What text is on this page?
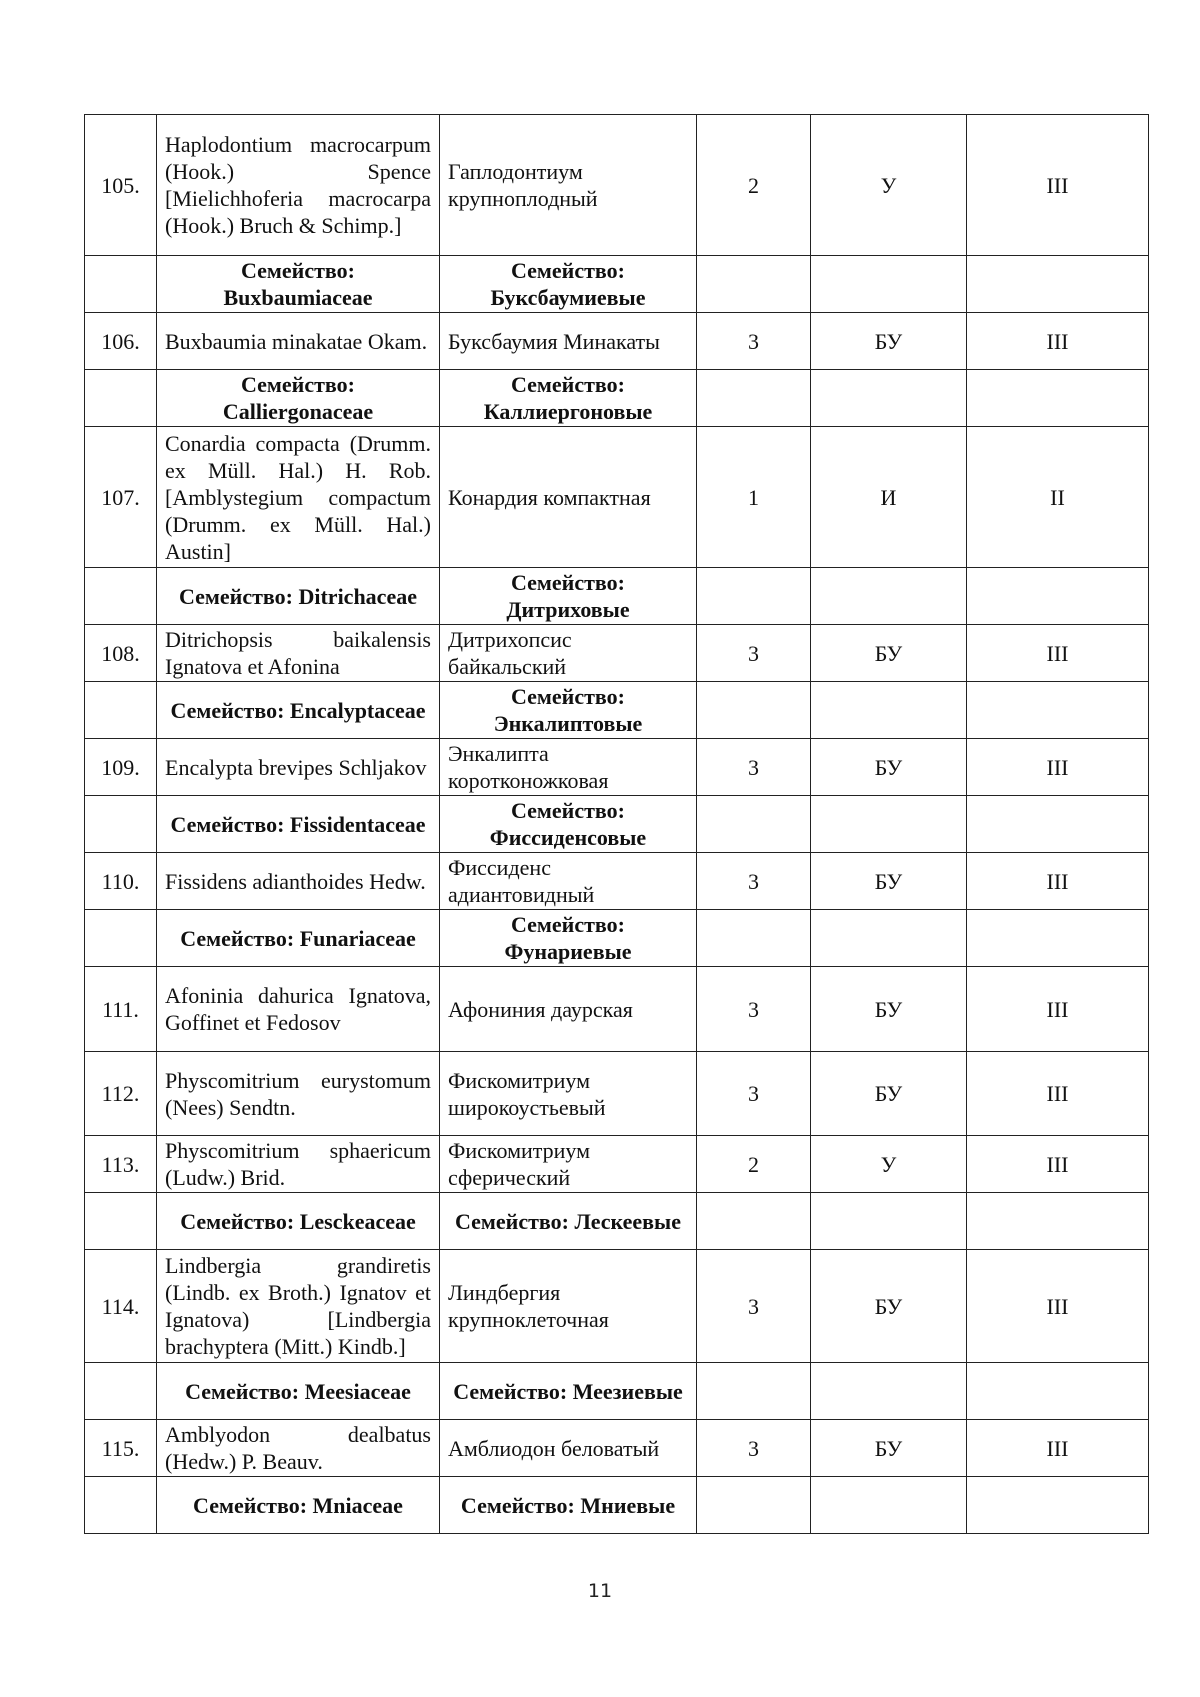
105.	Haplodontium macrocarpum (Hook.) Spence [Mielichhoferia macrocarpa (Hook.) Bruch & Schimp.]	Гаплодонтиум крупноплодный	2	У	III
	Семейство: Buxbaumiaceae	Семейство: Буксбаумиевые			
106.	Buxbaumia minakatae Okam.	Буксбаумия Минакаты	3	БУ	III
	Семейство: Calliergonaceae	Семейство: Каллиергоновые			
107.	Conardia compacta (Drumm. ex Müll. Hal.) H. Rob. [Amblystegium compactum (Drumm. ex Müll. Hal.) Austin]	Конардия компактная	1	И	II
	Семейство: Ditrichaceae	Семейство: Дитриховые			
108.	Ditrichopsis baikalensis Ignatova et Afonina	Дитрихопсис байкальский	3	БУ	III
	Семейство: Encalyptaceae	Семейство: Энкалиптовые			
109.	Encalypta brevipes Schljakov	Энкалипта коротконожковая	3	БУ	III
	Семейство: Fissidentaceae	Семейство: Фиссиденсовые			
110.	Fissidens adianthoides Hedw.	Фиссиденс адиантовидный	3	БУ	III
	Семейство: Funariaceae	Семейство: Фунариевые			
111.	Afoninia dahurica Ignatova, Goffinet et Fedosov	Афониния даурская	3	БУ	III
112.	Physcomitrium eurystomum (Nees) Sendtn.	Фискомитриум широкоустьевый	3	БУ	III
113.	Physcomitrium sphaericum (Ludw.) Brid.	Фискомитриум сферический	2	У	III
	Семейство: Lesckeaceae	Семейство: Лескеевые			
114.	Lindbergia grandiretis (Lindb. ex Broth.) Ignatov et Ignatova) [Lindbergia brachyptera (Mitt.) Kindb.]	Линдбергия крупноклеточная	3	БУ	III
	Семейство: Meesiaceae	Семейство: Меезиевые			
115.	Amblyodon dealbatus (Hedw.) P. Beauv.	Амблиодон беловатый	3	БУ	III
	Семейство: Mniaceae	Семейство: Мниевые			
11
